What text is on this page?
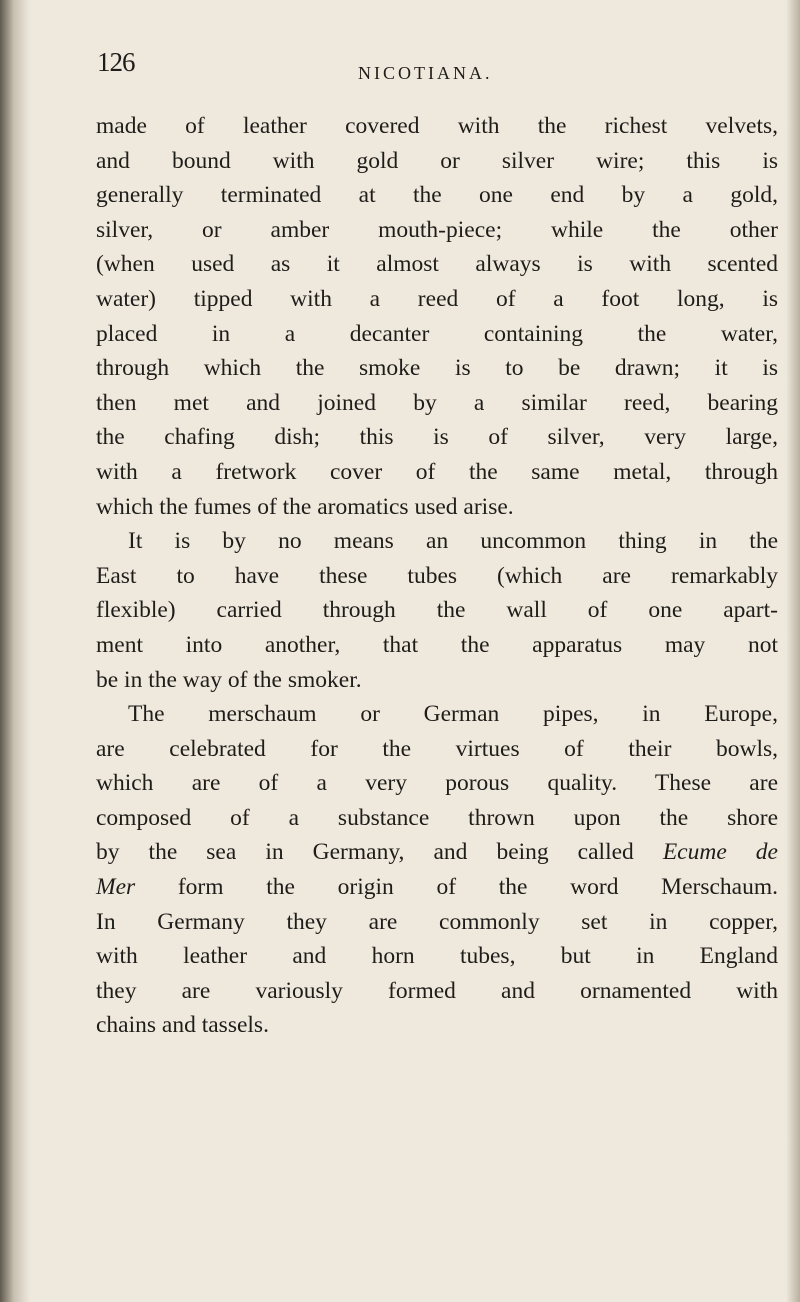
126	NICOTIANA.
made of leather covered with the richest velvets,
and bound with gold or silver wire; this is
generally terminated at the one end by a gold,
silver, or amber mouth-piece; while the other
(when used as it almost always is with scented
water) tipped with a reed of a foot long, is
placed in a decanter containing the water,
through which the smoke is to be drawn; it is
then met and joined by a similar reed, bearing
the chafing dish; this is of silver, very large,
with a fretwork cover of the same metal, through
which the fumes of the aromatics used arise.
It is by no means an uncommon thing in the
East to have these tubes (which are remarkably
flexible) carried through the wall of one apart-
ment into another, that the apparatus may not
be in the way of the smoker.
The merschaum or German pipes, in Europe,
are celebrated for the virtues of their bowls,
which are of a very porous quality. These are
composed of a substance thrown upon the shore
by the sea in Germany, and being called Ecume de
Mer form the origin of the word Merschaum.
In Germany they are commonly set in copper,
with leather and horn tubes, but in England
they are variously formed and ornamented with
chains and tassels.
